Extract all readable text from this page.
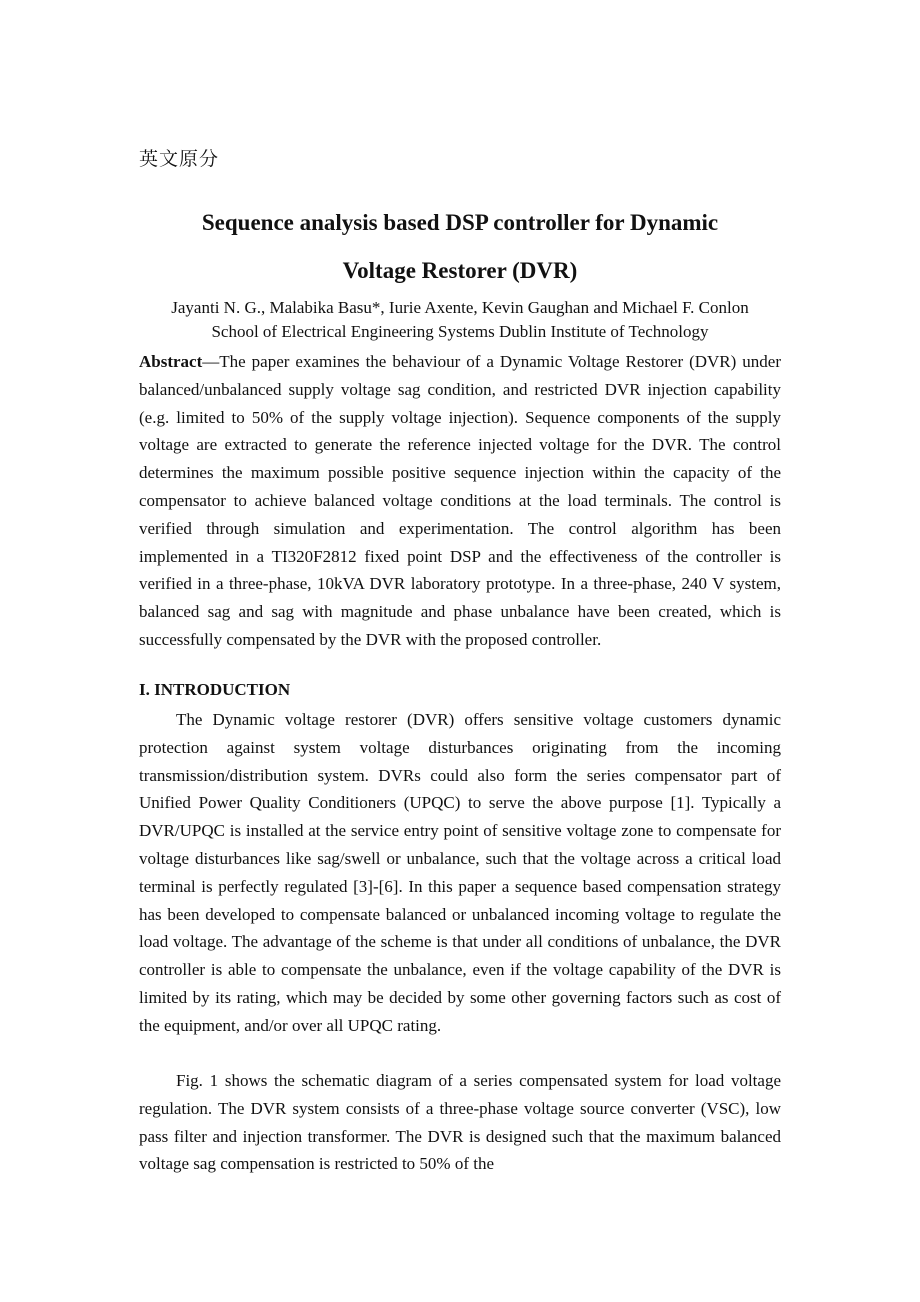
英文原分
Sequence analysis based DSP controller for Dynamic
Voltage Restorer (DVR)
Jayanti N. G., Malabika Basu*, Iurie Axente, Kevin Gaughan and Michael F. Conlon
School of Electrical Engineering Systems Dublin Institute of Technology

Abstract—The paper examines the behaviour of a Dynamic Voltage Restorer (DVR) under balanced/unbalanced supply voltage sag condition, and restricted DVR injection capability (e.g. limited to 50% of the supply voltage injection). Sequence components of the supply voltage are extracted to generate the reference injected voltage for the DVR. The control determines the maximum possible positive sequence injection within the capacity of the compensator to achieve balanced voltage conditions at the load terminals. The control is verified through simulation and experimentation. The control algorithm has been implemented in a TI320F2812 fixed point DSP and the effectiveness of the controller is verified in a three-phase, 10kVA DVR laboratory prototype. In a three-phase, 240 V system, balanced sag and sag with magnitude and phase unbalance have been created, which is successfully compensated by the DVR with the proposed controller.

I. INTRODUCTION

The Dynamic voltage restorer (DVR) offers sensitive voltage customers dynamic protection against system voltage disturbances originating from the incoming transmission/distribution system. DVRs could also form the series compensator part of Unified Power Quality Conditioners (UPQC) to serve the above purpose [1]. Typically a DVR/UPQC is installed at the service entry point of sensitive voltage zone to compensate for voltage disturbances like sag/swell or unbalance, such that the voltage across a critical load terminal is perfectly regulated [3]-[6]. In this paper a sequence based compensation strategy has been developed to compensate balanced or unbalanced incoming voltage to regulate the load voltage. The advantage of the scheme is that under all conditions of unbalance, the DVR controller is able to compensate the unbalance, even if the voltage capability of the DVR is limited by its rating, which may be decided by some other governing factors such as cost of the equipment, and/or over all UPQC rating.

Fig. 1 shows the schematic diagram of a series compensated system for load voltage regulation. The DVR system consists of a three-phase voltage source converter (VSC), low pass filter and injection transformer. The DVR is designed such that the maximum balanced voltage sag compensation is restricted to 50% of the
